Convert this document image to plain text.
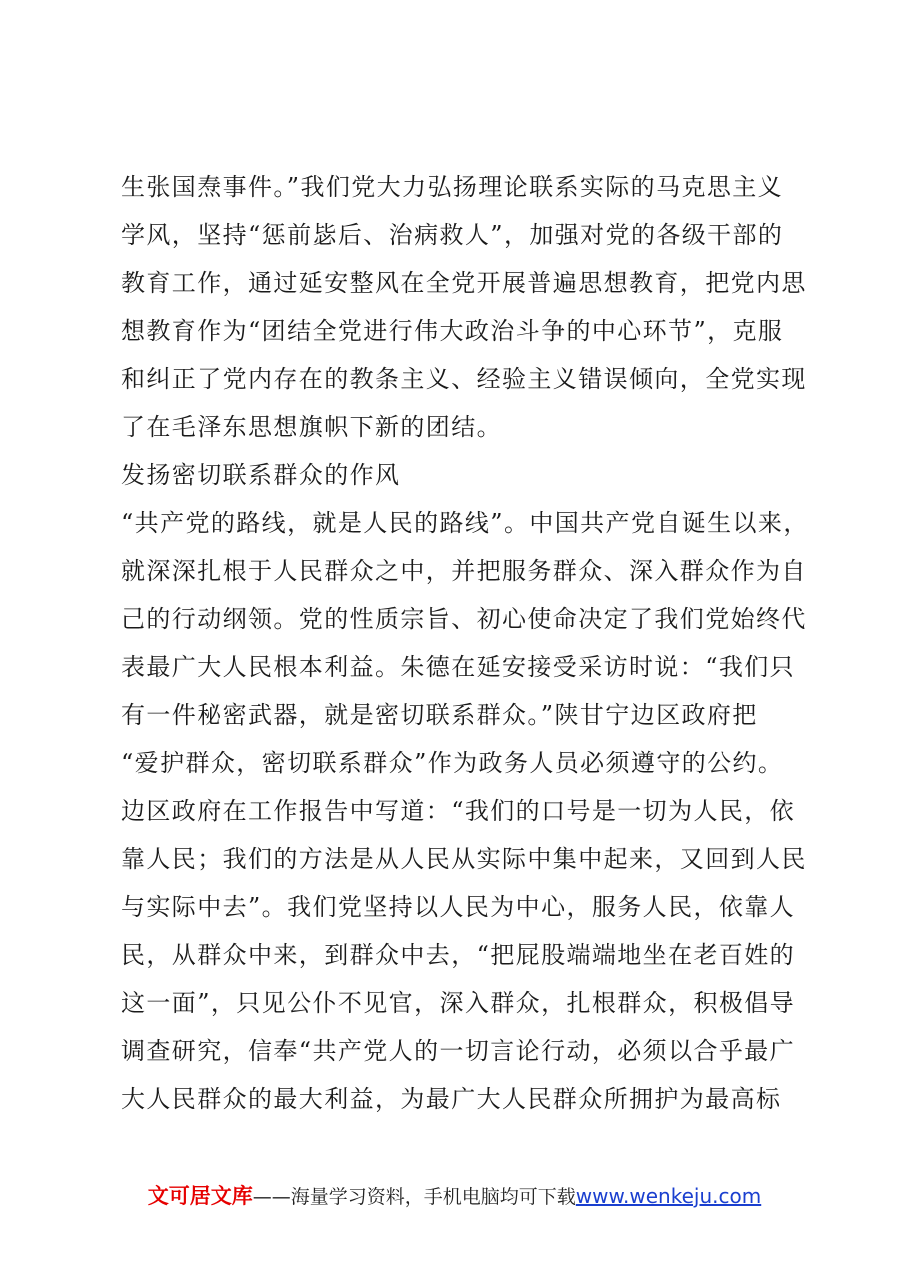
生张国焘事件。”我们党大力弘扬理论联系实际的马克思主义
学风，坚持“惩前毖后、治病救人”，加强对党的各级干部的
教育工作，通过延安整风在全党开展普遍思想教育，把党内思
想教育作为“团结全党进行伟大政治斗争的中心环节”，克服
和纠正了党内存在的教条主义、经验主义错误倾向，全党实现
了在毛泽东思想旗帜下新的团结。
发扬密切联系群众的作风
“共产党的路线，就是人民的路线”。中国共产党自诞生以来，
就深深扎根于人民群众之中，并把服务群众、深入群众作为自
己的行动纲领。党的性质宗旨、初心使命决定了我们党始终代
表最广大人民根本利益。朱德在延安接受采访时说：“我们只
有一件秘密武器，就是密切联系群众。”陕甘宁边区政府把
“爱护群众，密切联系群众”作为政务人员必须遵守的公约。
边区政府在工作报告中写道：“我们的口号是一切为人民，依
靠人民；我们的方法是从人民从实际中集中起来，又回到人民
与实际中去”。我们党坚持以人民为中心，服务人民，依靠人
民，从群众中来，到群众中去，“把屁股端端地坐在老百姓的
这一面”，只见公仆不见官，深入群众，扎根群众，积极倡导
调查研究，信奉“共产党人的一切言论行动，必须以合乎最广
大人民群众的最大利益，为最广大人民群众所拥护为最高标
文可居文库——海量学习资料，手机电脑均可下载www.wenkeju.com
